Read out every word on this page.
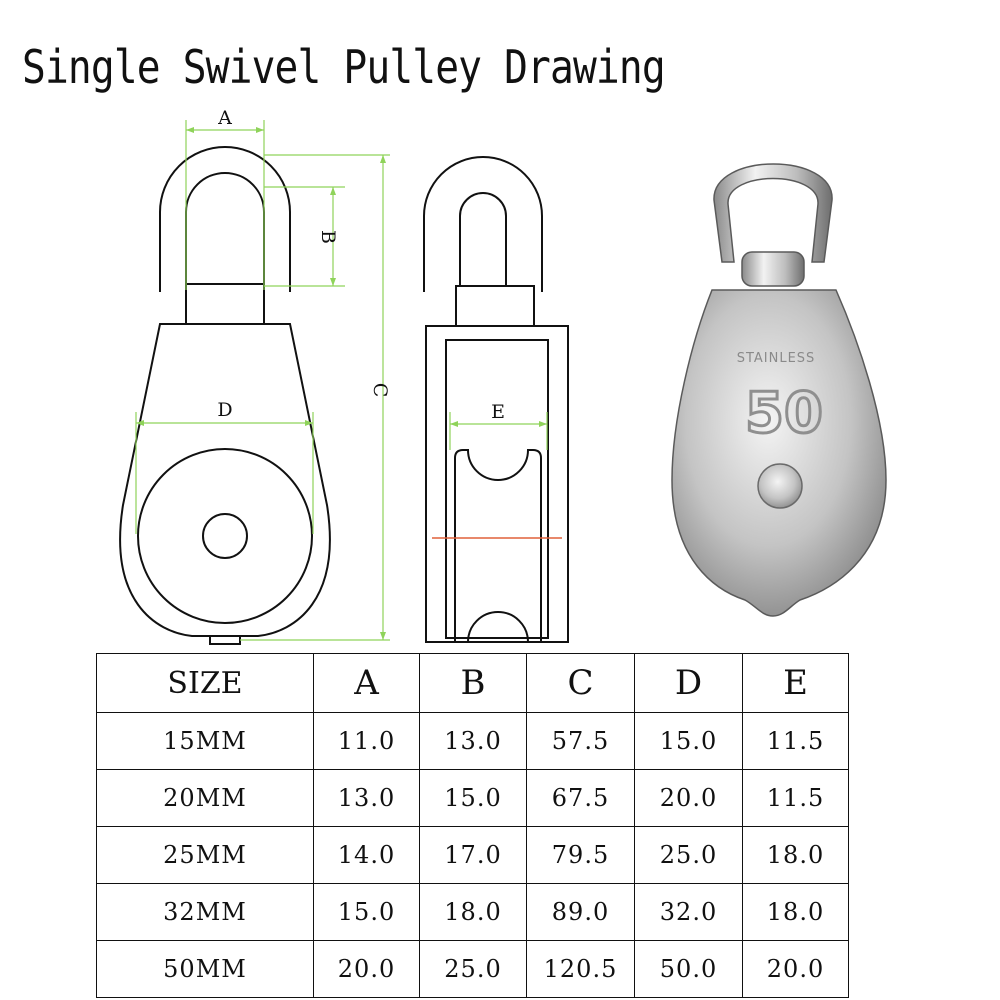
Single Swivel Pulley Drawing
A
B
C
D	E
STAINLESS
50
SIZE	A	B	C	D	E
15MM	11.0	13.0	57.5	15.0	11.5
20MM	13.0	15.0	67.5	20.0	11.5
25MM	14.0	17.0	79.5	25.0	18.0
32MM	15.0	18.0	89.0	32.0	18.0
50MM	20.0	25.0	120.5	50.0	20.0
